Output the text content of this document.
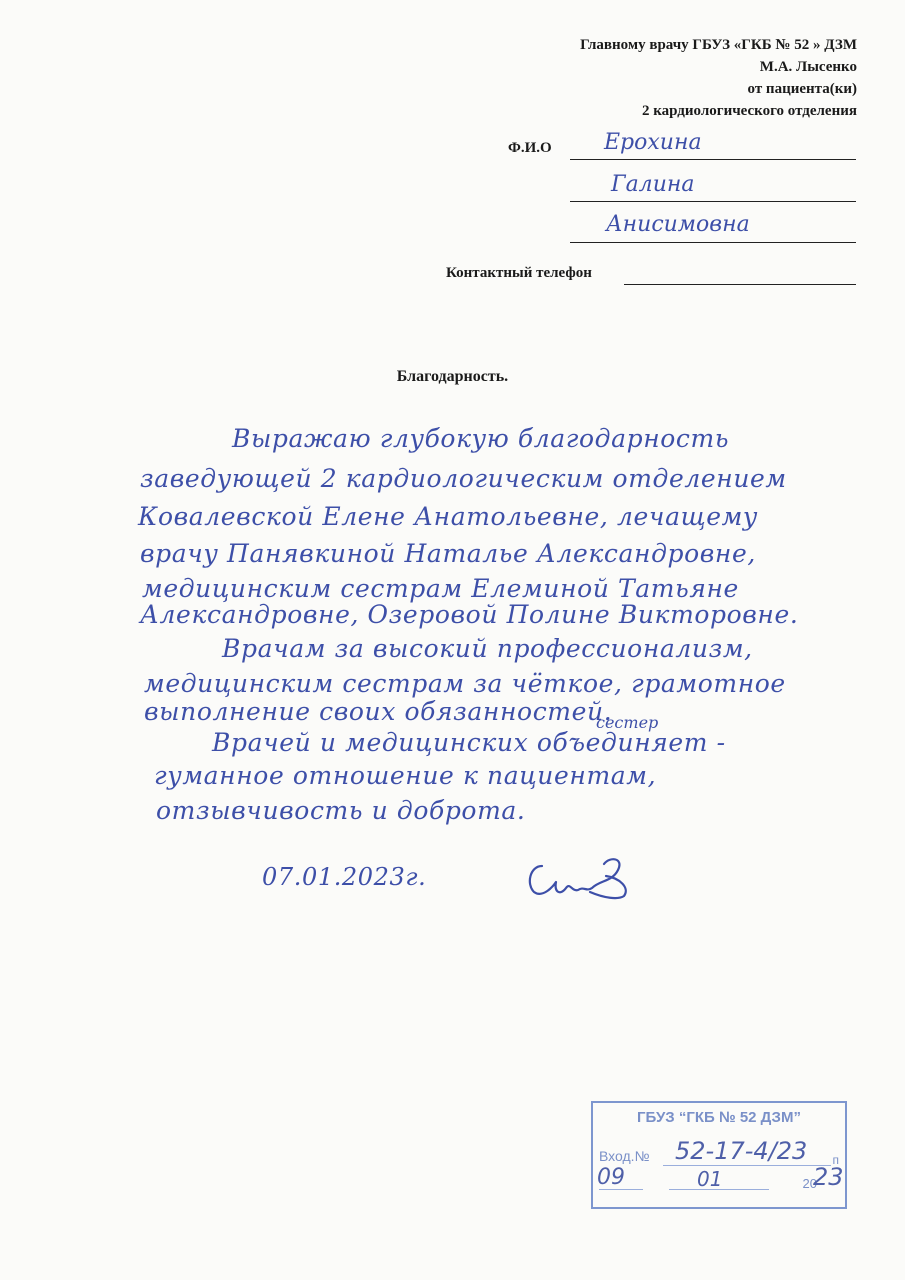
Главному врачу ГБУЗ «ГКБ № 52 » ДЗМ
М.А. Лысенко
от пациента(ки)
2 кардиологического отделения
Ф.И.О Ерохина
Галина
Анисимовна
Контактный телефон
Благодарность.
Выражаю глубокую благодарность
заведующей 2 кардиологическим отделением
Ковалевской Елене Анатольевне, лечащему
врачу Панявкиной Наталье Александровне,
медицинским сестрам Елеминой Татьяне
Александровне, Озеровой Полине Викторовне.
Врачам за высокий профессионализм,
медицинским сестрам за чёткое, грамотное
выполнение своих обязанностей.
сестер
Врачей и медицинских объединяет -
гуманное отношение к пациентам,
отзывчивость и доброта.
07.01.2023г.
ГБУЗ “ГКБ № 52 ДЗМ”
Вход.№ 52-17-4/23 п
09	01	20
23
